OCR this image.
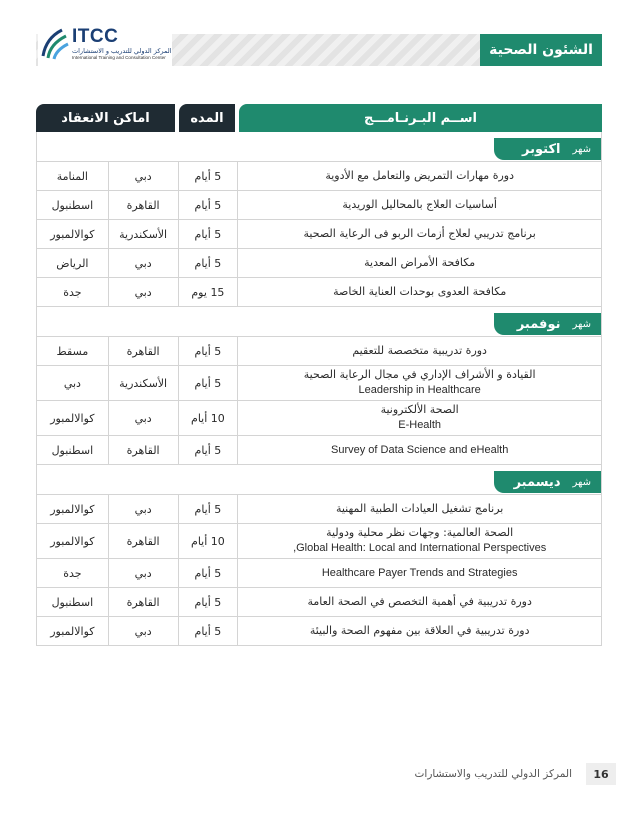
الشئون الصحية
ITCC
المركز الدولي للتدريب و الاستشارات
International Training and Consultation Center
اســم البـرنـامـــج
المده
اماكن الانعقاد
شهر
اكتوبر
دورة مهارات التمريض والتعامل مع الأدوية
5 أيام
دبي
المنامة
أساسيات العلاج بالمحاليل الوريدية
5 أيام
القاهرة
اسطنبول
برنامج تدريبي لعلاج أزمات الربو فى الرعاية الصحية
5 أيام
الأسكندرية
كوالالمبور
مكافحة الأمراض المعدية
5 أيام
دبي
الرياض
مكافحة العدوى بوحدات العناية الخاصة
15 يوم
دبي
جدة
شهر
نوفمبر
دورة تدريبية متخصصة للتعقيم
5 أيام
القاهرة
مسقط
القيادة و الأشراف الإداري في مجال الرعاية الصحية
Leadership in Healthcare
5 أيام
الأسكندرية
دبي
الصحة الألكترونية
E-Health
10 أيام
دبي
كوالالمبور
Survey of Data Science and eHealth
5 أيام
القاهرة
اسطنبول
شهر
ديسمبر
برنامج تشغيل العيادات الطبية المهنية
5 أيام
دبي
كوالالمبور
الصحة العالمية: وجهات نظر محلية ودولية
Global Health: Local and International Perspectives,
10 أيام
القاهرة
كوالالمبور
Healthcare Payer Trends and Strategies
5 أيام
دبي
جدة
دورة تدريبية في أهمية التخصص في الصحة العامة
5 أيام
القاهرة
اسطنبول
دورة تدريبية في العلاقة بين مفهوم الصحة والبيئة
5 أيام
دبي
كوالالمبور
16
المركز الدولي للتدريب والاستشارات
